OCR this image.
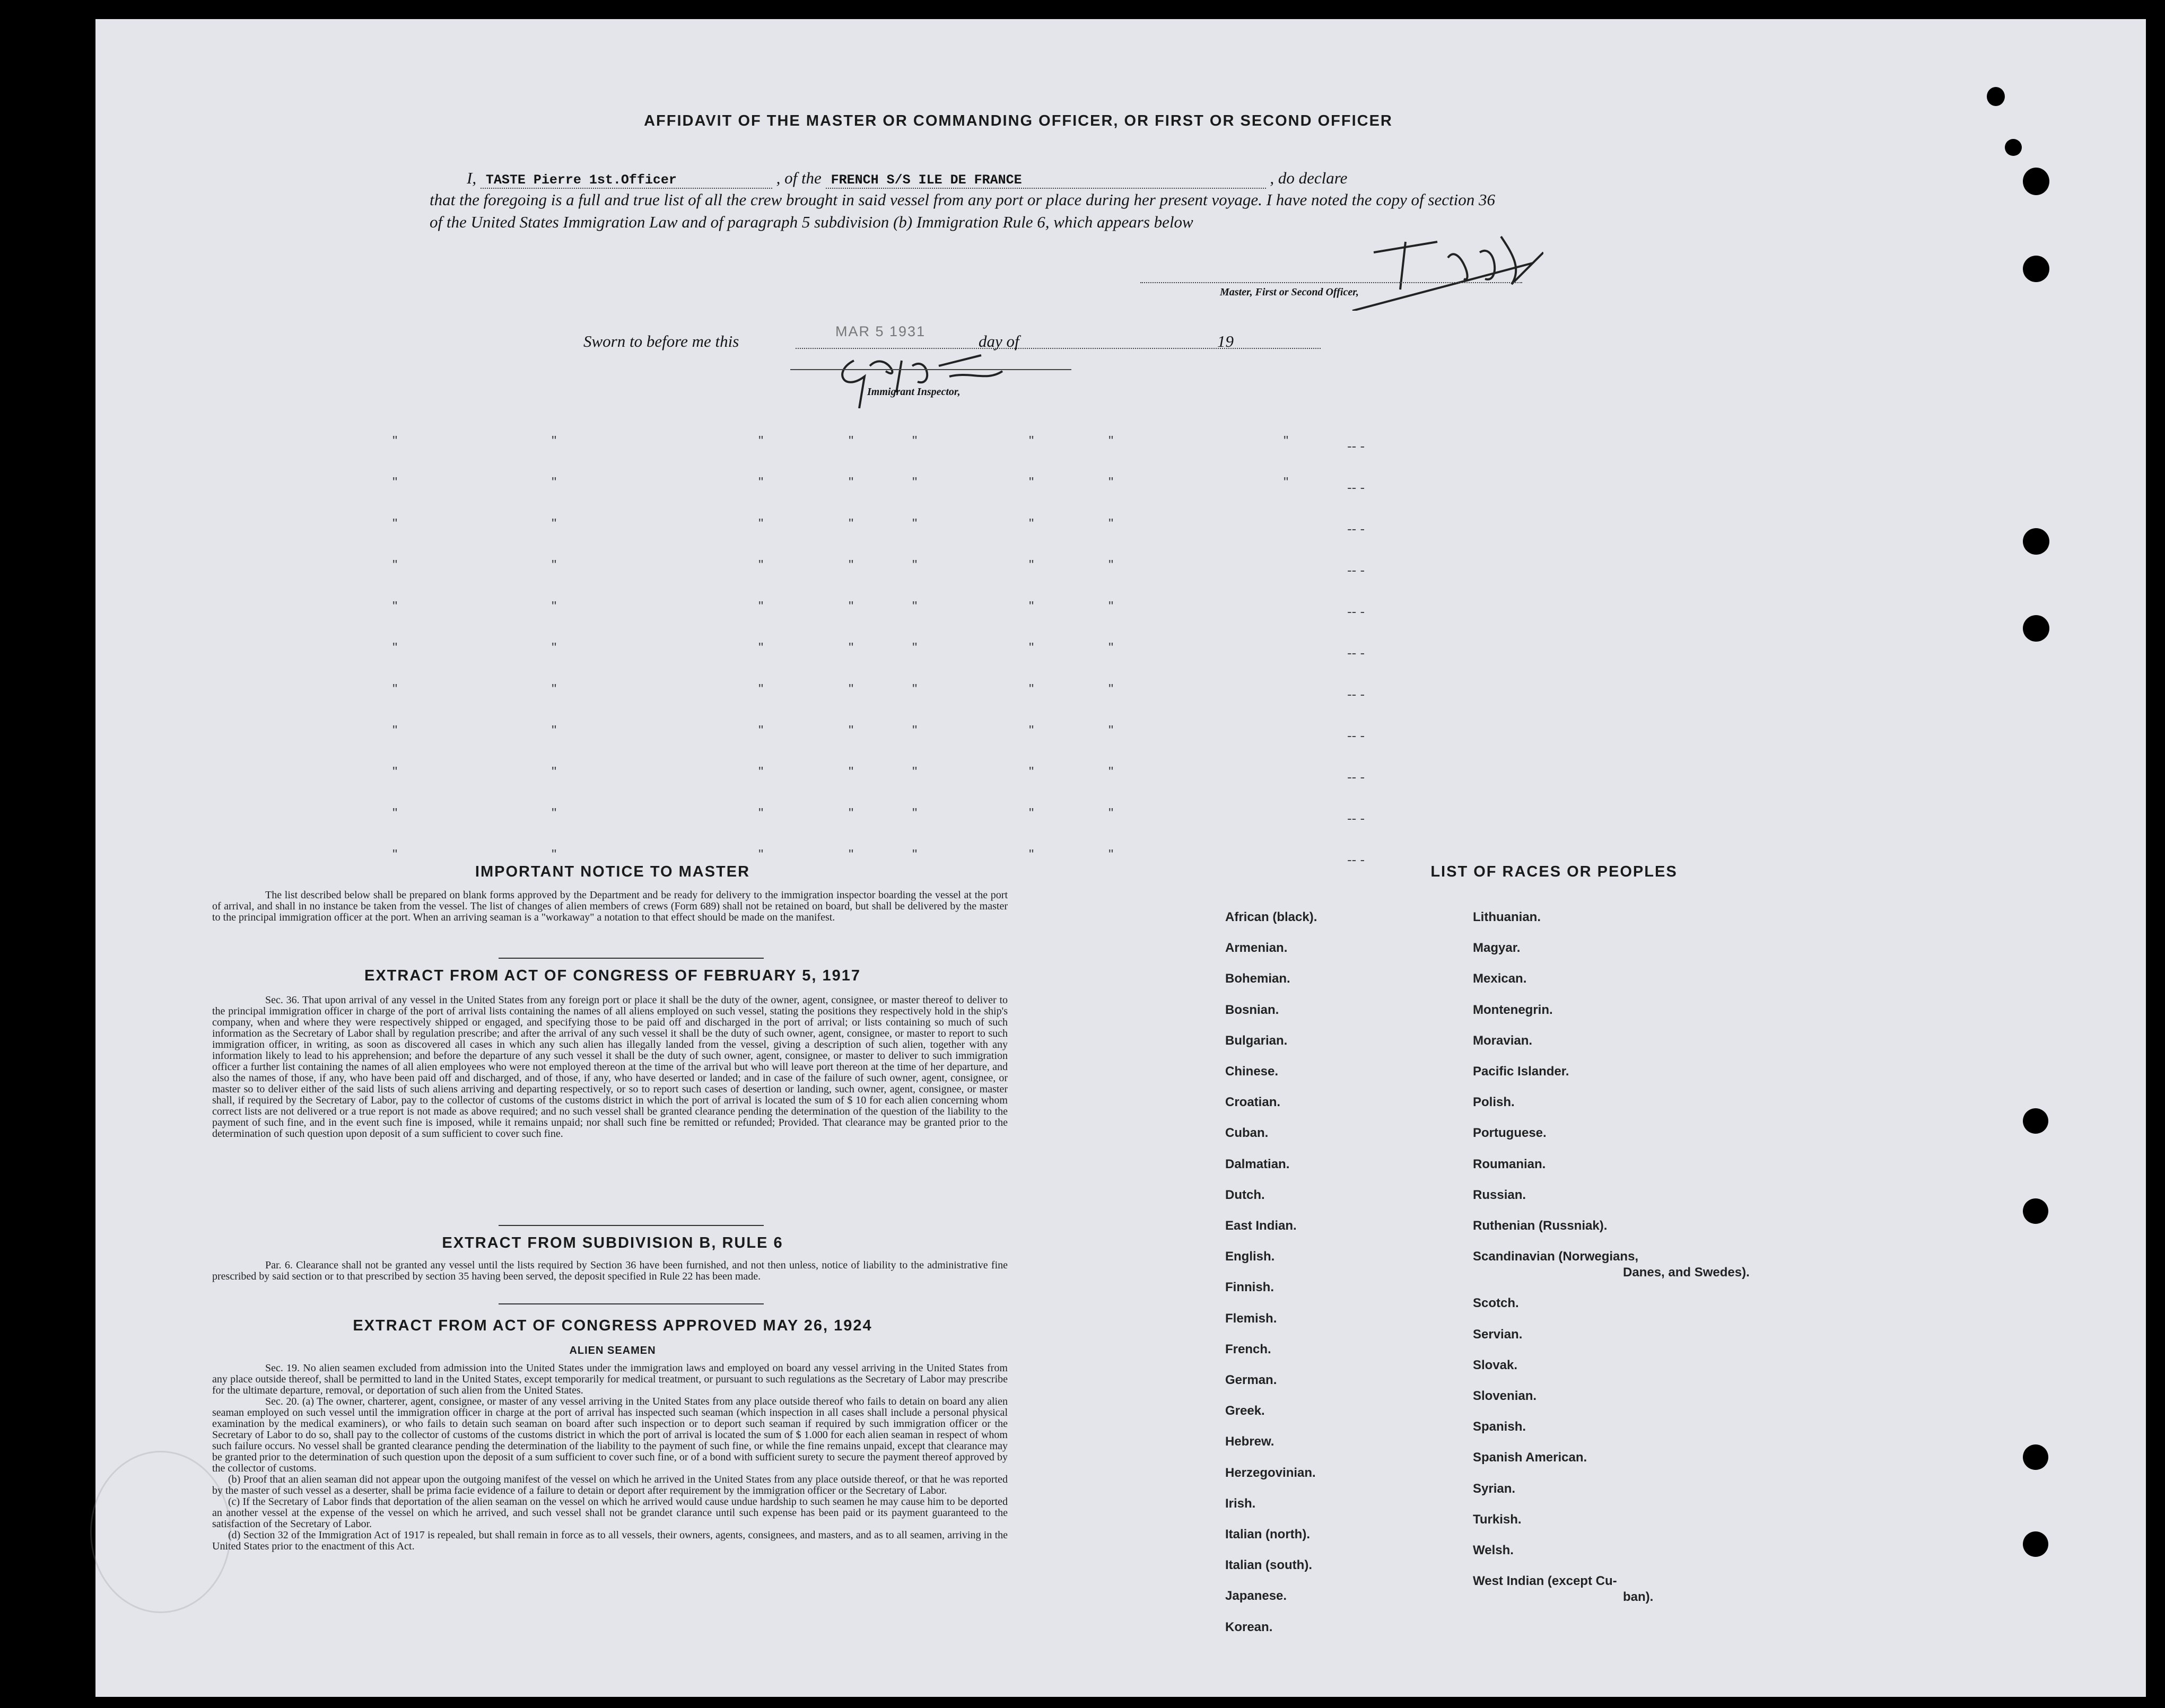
AFFIDAVIT OF THE MASTER OR COMMANDING OFFICER, OR FIRST OR SECOND OFFICER
I, TASTE Pierre 1st.Officer	, of the FRENCH S/S ILE DE FRANCE	, do declare
that the foregoing is a full and true list of all the crew brought in said vessel from any port or place during her present voyage. I have noted the copy of section 36 of the United States Immigration Law and of paragraph 5 subdivision (b) Immigration Rule 6, which appears below
Master, First or Second Officer,
Sworn to before me this
MAR 5 1931
day of	19
Immigrant Inspector,
IMPORTANT NOTICE TO MASTER
The list described below shall be prepared on blank forms approved by the Department and be ready for delivery to the immigration inspector boarding the vessel at the port of arrival, and shall in no instance be taken from the vessel. The list of changes of alien members of crews (Form 689) shall not be retained on board, but shall be delivered by the master to the principal immigration officer at the port. When an arriving seaman is a "workaway" a notation to that effect should be made on the manifest.
EXTRACT FROM ACT OF CONGRESS OF FEBRUARY 5, 1917
Sec. 36. That upon arrival of any vessel in the United States from any foreign port or place it shall be the duty of the owner, agent, consignee, or master thereof to deliver to the principal immigration officer in charge of the port of arrival lists containing the names of all aliens employed on such vessel, stating the positions they respectively hold in the ship's company, when and where they were respectively shipped or engaged, and specifying those to be paid off and discharged in the port of arrival; or lists containing so much of such information as the Secretary of Labor shall by regulation prescribe; and after the arrival of any such vessel it shall be the duty of such owner, agent, consignee, or master to report to such immigration officer, in writing, as soon as discovered all cases in which any such alien has illegally landed from the vessel, giving a description of such alien, together with any information likely to lead to his apprehension; and before the departure of any such vessel it shall be the duty of such owner, agent, consignee, or master to deliver to such immigration officer a further list containing the names of all alien employees who were not employed thereon at the time of the arrival but who will leave port thereon at the time of her departure, and also the names of those, if any, who have been paid off and discharged, and of those, if any, who have deserted or landed; and in case of the failure of such owner, agent, consignee, or master so to deliver either of the said lists of such aliens arriving and departing respectively, or so to report such cases of desertion or landing, such owner, agent, consignee, or master shall, if required by the Secretary of Labor, pay to the collector of customs of the customs district in which the port of arrival is located the sum of $ 10 for each alien concerning whom correct lists are not delivered or a true report is not made as above required; and no such vessel shall be granted clearance pending the determination of the question of the liability to the payment of such fine, and in the event such fine is imposed, while it remains unpaid; nor shall such fine be remitted or refunded; Provided. That clearance may be granted prior to the determination of such question upon deposit of a sum sufficient to cover such fine.
EXTRACT FROM SUBDIVISION B, RULE 6
Par. 6. Clearance shall not be granted any vessel until the lists required by Section 36 have been furnished, and not then unless, notice of liability to the administrative fine prescribed by said section or to that prescribed by section 35 having been served, the deposit specified in Rule 22 has been made.
EXTRACT FROM ACT OF CONGRESS APPROVED MAY 26, 1924
ALIEN SEAMEN
Sec. 19. No alien seamen excluded from admission into the United States under the immigration laws and employed on board any vessel arriving in the United States from any place outside thereof, shall be permitted to land in the United States, except temporarily for medical treatment, or pursuant to such regulations as the Secretary of Labor may prescribe for the ultimate departure, removal, or deportation of such alien from the United States.
Sec. 20. (a) The owner, charterer, agent, consignee, or master of any vessel arriving in the United States from any place outside thereof who fails to detain on board any alien seaman employed on such vessel until the immigration officer in charge at the port of arrival has inspected such seaman (which inspection in all cases shall include a personal physical examination by the medical examiners), or who fails to detain such seaman on board after such inspection or to deport such seaman if required by such immigration officer or the Secretary of Labor to do so, shall pay to the collector of customs of the customs district in which the port of arrival is located the sum of $ 1.000 for each alien seaman in respect of whom such failure occurs. No vessel shall be granted clearance pending the determination of the liability to the payment of such fine, or while the fine remains unpaid, except that clearance may be granted prior to the determination of such question upon the deposit of a sum sufficient to cover such fine, or of a bond with sufficient surety to secure the payment thereof approved by the collector of customs.
(b) Proof that an alien seaman did not appear upon the outgoing manifest of the vessel on which he arrived in the United States from any place outside thereof, or that he was reported by the master of such vessel as a deserter, shall be prima facie evidence of a failure to detain or deport after requirement by the immigration officer or the Secretary of Labor.
(c) If the Secretary of Labor finds that deportation of the alien seaman on the vessel on which he arrived would cause undue hardship to such seamen he may cause him to be deported an another vessel at the expense of the vessel on which he arrived, and such vessel shall not be grandet clarance until such expense has been paid or its payment guaranteed to the satisfaction of the Secretary of Labor.
(d) Section 32 of the Immigration Act of 1917 is repealed, but shall remain in force as to all vessels, their owners, agents, consignees, and masters, and as to all seamen, arriving in the United States prior to the enactment of this Act.
LIST OF RACES OR PEOPLES
African (black).
Armenian.
Bohemian.
Bosnian.
Bulgarian.
Chinese.
Croatian.
Cuban.
Dalmatian.
Dutch.
East Indian.
English.
Finnish.
Flemish.
French.
German.
Greek.
Hebrew.
Herzegovinian.
Irish.
Italian (north).
Italian (south).
Japanese.
Korean.
Lithuanian.
Magyar.
Mexican.
Montenegrin.
Moravian.
Pacific Islander.
Polish.
Portuguese.
Roumanian.
Russian.
Ruthenian (Russniak).
Scandinavian (Norwegians,
Danes, and Swedes).
Scotch.
Servian.
Slovak.
Slovenian.
Spanish.
Spanish American.
Syrian.
Turkish.
Welsh.
West Indian (except Cu-
ban).
"	"	"	"	"	"	"	"	-- -
"	"	"	"	"	"	"	"	-- -
"	"	"	"	"	"	"	-- -
"	"	"	"	"	"	"	-- -
"	"	"	"	"	"	"	-- -
"	"	"	"	"	"	"	-- -
"	"	"	"	"	"	"	-- -
"	"	"	"	"	"	"	-- -
"	"	"	"	"	"	"	-- -
"	"	"	"	"	"	"	-- -
"	"	"	"	"	"	"	-- -
